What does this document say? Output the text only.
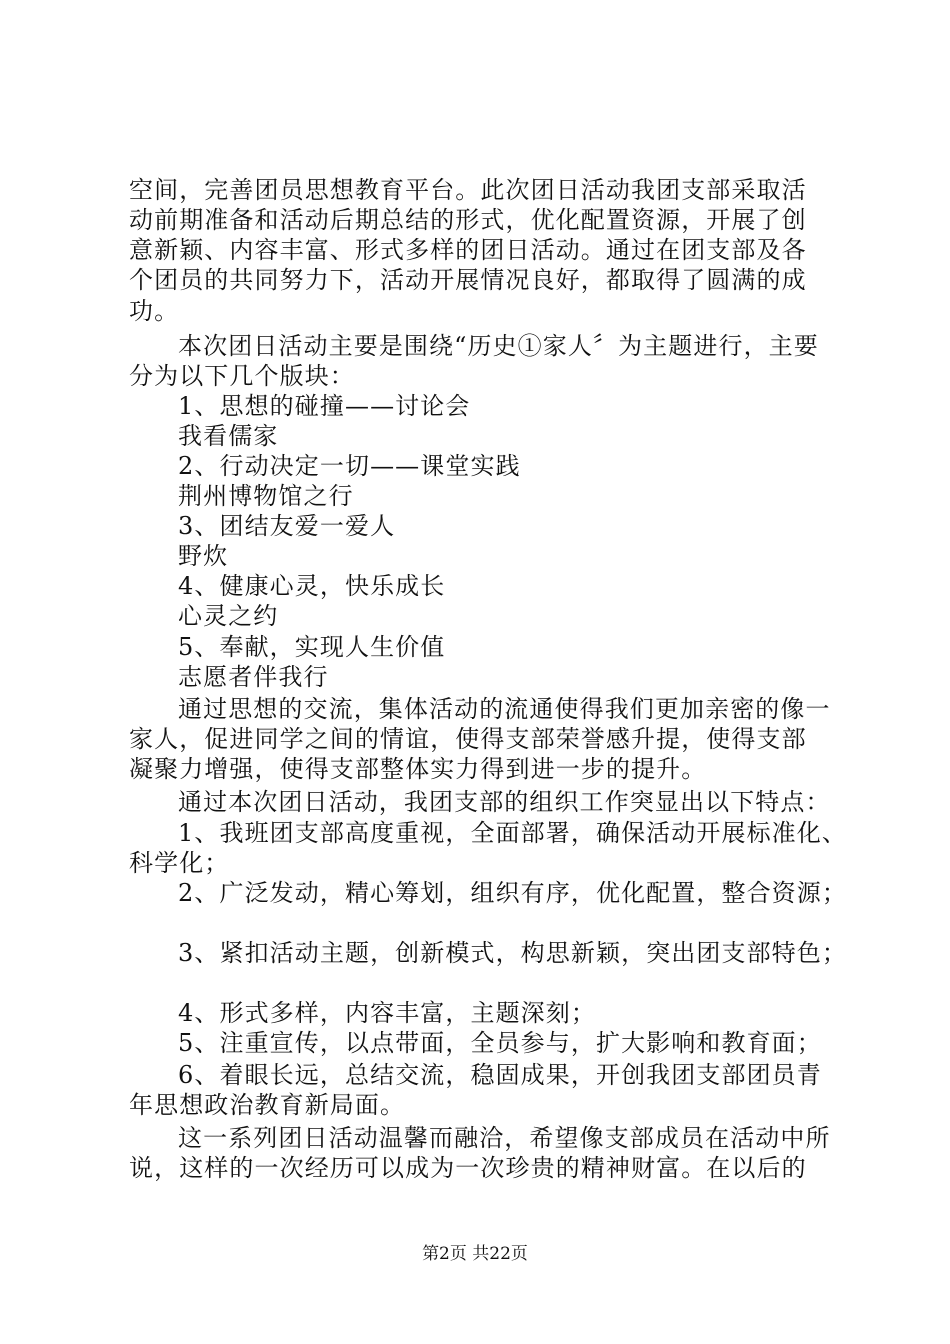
空间，完善团员思想教育平台。此次团日活动我团支部采取活
动前期准备和活动后期总结的形式，优化配置资源，开展了创
意新颖、内容丰富、形式多样的团日活动。通过在团支部及各
个团员的共同努力下，活动开展情况良好，都取得了圆满的成
功。
本次团日活动主要是围绕“历史①家人〞为主题进行，主要
分为以下几个版块：
1、思想的碰撞——讨论会
我看儒家
2、行动决定一切——课堂实践
荆州博物馆之行
3、团结友爱一爱人
野炊
4、健康心灵，快乐成长
心灵之约
5、奉献，实现人生价值
志愿者伴我行
通过思想的交流，集体活动的流通使得我们更加亲密的像一
家人，促进同学之间的情谊，使得支部荣誉感升提，使得支部
凝聚力增强，使得支部整体实力得到进一步的提升。
通过本次团日活动，我团支部的组织工作突显出以下特点：
1、我班团支部高度重视，全面部署，确保活动开展标准化、
科学化；
2、广泛发动，精心筹划，组织有序，优化配置，整合资源；
3、紧扣活动主题，创新模式，构思新颖，突出团支部特色；
4、形式多样，内容丰富，主题深刻；
5、注重宣传，以点带面，全员参与，扩大影响和教育面；
6、着眼长远，总结交流，稳固成果，开创我团支部团员青
年思想政治教育新局面。
这一系列团日活动温馨而融洽，希望像支部成员在活动中所
说，这样的一次经历可以成为一次珍贵的精神财富。在以后的
第2页 共22页
